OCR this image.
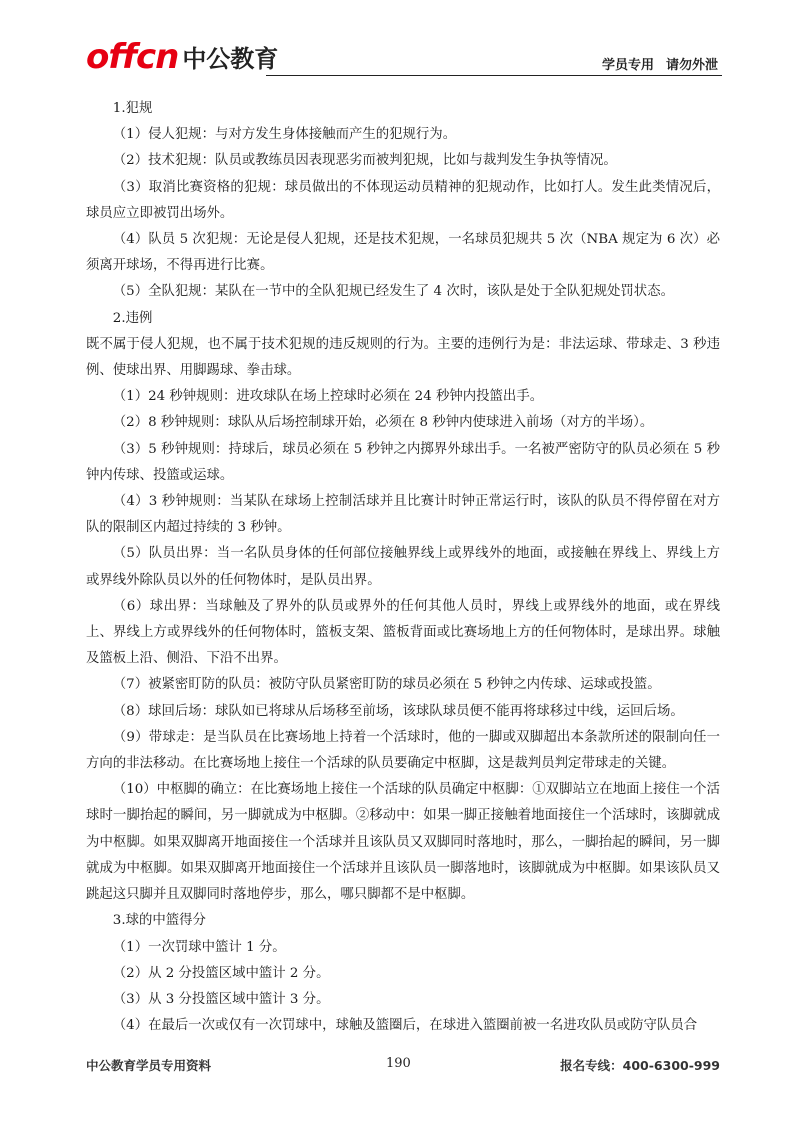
offcn 中公教育	学员专用 请勿外泄

1.犯规

（1）侵人犯规：与对方发生身体接触而产生的犯规行为。

（2）技术犯规：队员或教练员因表现恶劣而被判犯规，比如与裁判发生争执等情况。

（3）取消比赛资格的犯规：球员做出的不体现运动员精神的犯规动作，比如打人。发生此类情况后，球员应立即被罚出场外。

（4）队员 5 次犯规：无论是侵人犯规，还是技术犯规，一名球员犯规共 5 次（NBA 规定为 6 次）必须离开球场，不得再进行比赛。

（5）全队犯规：某队在一节中的全队犯规已经发生了 4 次时，该队是处于全队犯规处罚状态。

2.违例

既不属于侵人犯规，也不属于技术犯规的违反规则的行为。主要的违例行为是：非法运球、带球走、3 秒违例、使球出界、用脚踢球、拳击球。

（1）24 秒钟规则：进攻球队在场上控球时必须在 24 秒钟内投篮出手。

（2）8 秒钟规则：球队从后场控制球开始，必须在 8 秒钟内使球进入前场（对方的半场）。

（3）5 秒钟规则：持球后，球员必须在 5 秒钟之内掷界外球出手。一名被严密防守的队员必须在 5 秒钟内传球、投篮或运球。

（4）3 秒钟规则：当某队在球场上控制活球并且比赛计时钟正常运行时，该队的队员不得停留在对方队的限制区内超过持续的 3 秒钟。

（5）队员出界：当一名队员身体的任何部位接触界线上或界线外的地面，或接触在界线上、界线上方或界线外除队员以外的任何物体时，是队员出界。

（6）球出界：当球触及了界外的队员或界外的任何其他人员时，界线上或界线外的地面，或在界线上、界线上方或界线外的任何物体时，篮板支架、篮板背面或比赛场地上方的任何物体时，是球出界。球触及篮板上沿、侧沿、下沿不出界。

（7）被紧密盯防的队员：被防守队员紧密盯防的球员必须在 5 秒钟之内传球、运球或投篮。

（8）球回后场：球队如已将球从后场移至前场，该球队球员便不能再将球移过中线，运回后场。

（9）带球走：是当队员在比赛场地上持着一个活球时，他的一脚或双脚超出本条款所述的限制向任一方向的非法移动。在比赛场地上接住一个活球的队员要确定中枢脚，这是裁判员判定带球走的关键。

（10）中枢脚的确立：在比赛场地上接住一个活球的队员确定中枢脚：①双脚站立在地面上接住一个活球时一脚抬起的瞬间，另一脚就成为中枢脚。②移动中：如果一脚正接触着地面接住一个活球时，该脚就成为中枢脚。如果双脚离开地面接住一个活球并且该队员又双脚同时落地时，那么，一脚抬起的瞬间，另一脚就成为中枢脚。如果双脚离开地面接住一个活球并且该队员一脚落地时，该脚就成为中枢脚。如果该队员又跳起这只脚并且双脚同时落地停步，那么，哪只脚都不是中枢脚。

3.球的中篮得分

（1）一次罚球中篮计 1 分。

（2）从 2 分投篮区域中篮计 2 分。

（3）从 3 分投篮区域中篮计 3 分。

（4）在最后一次或仅有一次罚球中，球触及篮圈后，在球进入篮圈前被一名进攻队员或防守队员合

中公教育学员专用资料	190	报名专线：400-6300-999
